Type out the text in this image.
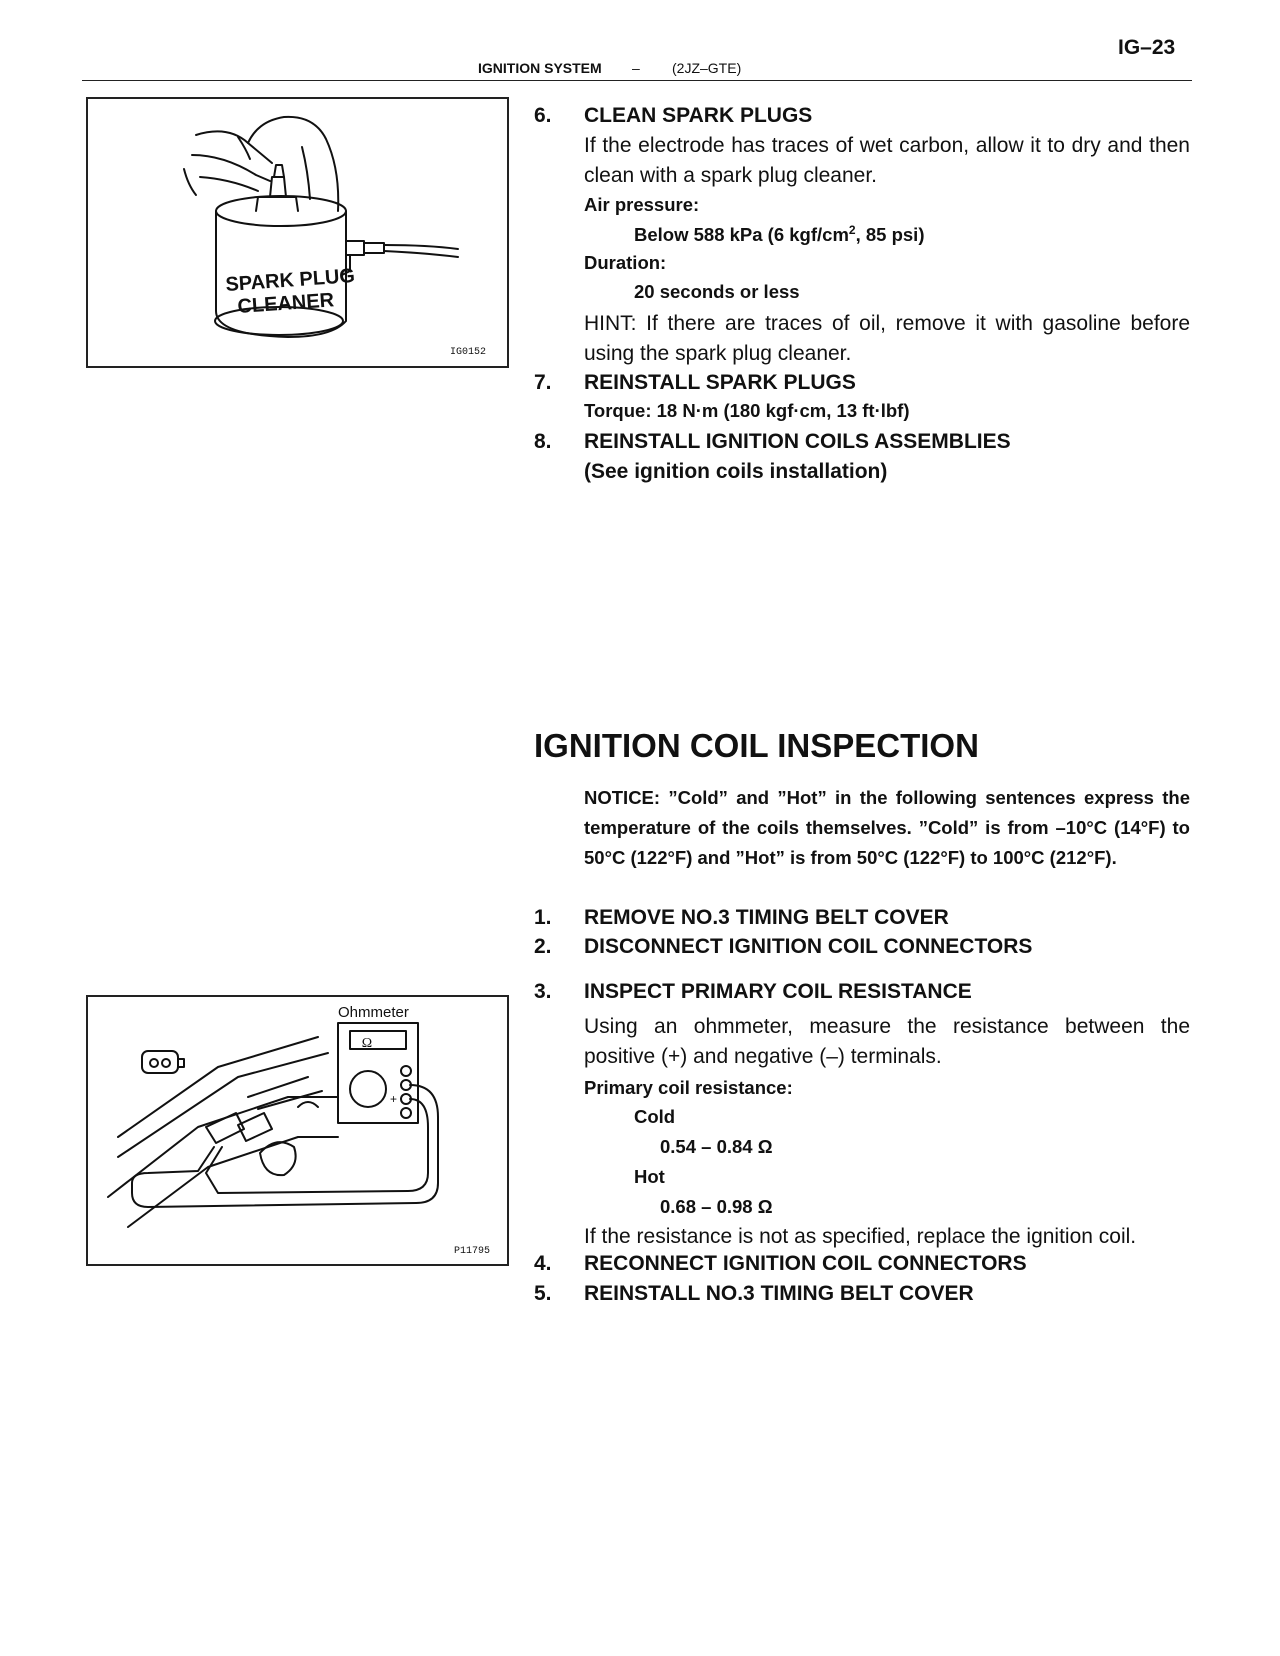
IG–23
IGNITION SYSTEM – (2JZ–GTE)
SPARK PLUG
CLEANER
IG0152
6. CLEAN SPARK PLUGS
If the electrode has traces of wet carbon, allow it to dry and then clean with a spark plug cleaner.
Air pressure:
Below 588 kPa (6 kgf/$cm^2$, 85 psi)
Duration:
20 seconds or less
HINT: If there are traces of oil, remove it with gasoline before using the spark plug cleaner.
7. REINSTALL SPARK PLUGS
Torque: 18 N·m (180 kgf·cm, 13 ft·lbf)
8. REINSTALL IGNITION COILS ASSEMBLIES
(See ignition coils installation)
IGNITION COIL INSPECTION
NOTICE: ”Cold” and ”Hot” in the following sentences express the temperature of the coils themselves. ”Cold” is from –10°C (14°F) to 50°C (122°F) and ”Hot” is from 50°C (122°F) to 100°C (212°F).
1. REMOVE NO.3 TIMING BELT COVER
2. DISCONNECT IGNITION COIL CONNECTORS
Ohmmeter
Ω
+
P11795
3. INSPECT PRIMARY COIL RESISTANCE
Using an ohmmeter, measure the resistance between the positive (+) and negative (–) terminals.
Primary coil resistance:
Cold
0.54 – 0.84 Ω
Hot
0.68 – 0.98 Ω
If the resistance is not as specified, replace the ignition coil.
4. RECONNECT IGNITION COIL CONNECTORS
5. REINSTALL NO.3 TIMING BELT COVER
